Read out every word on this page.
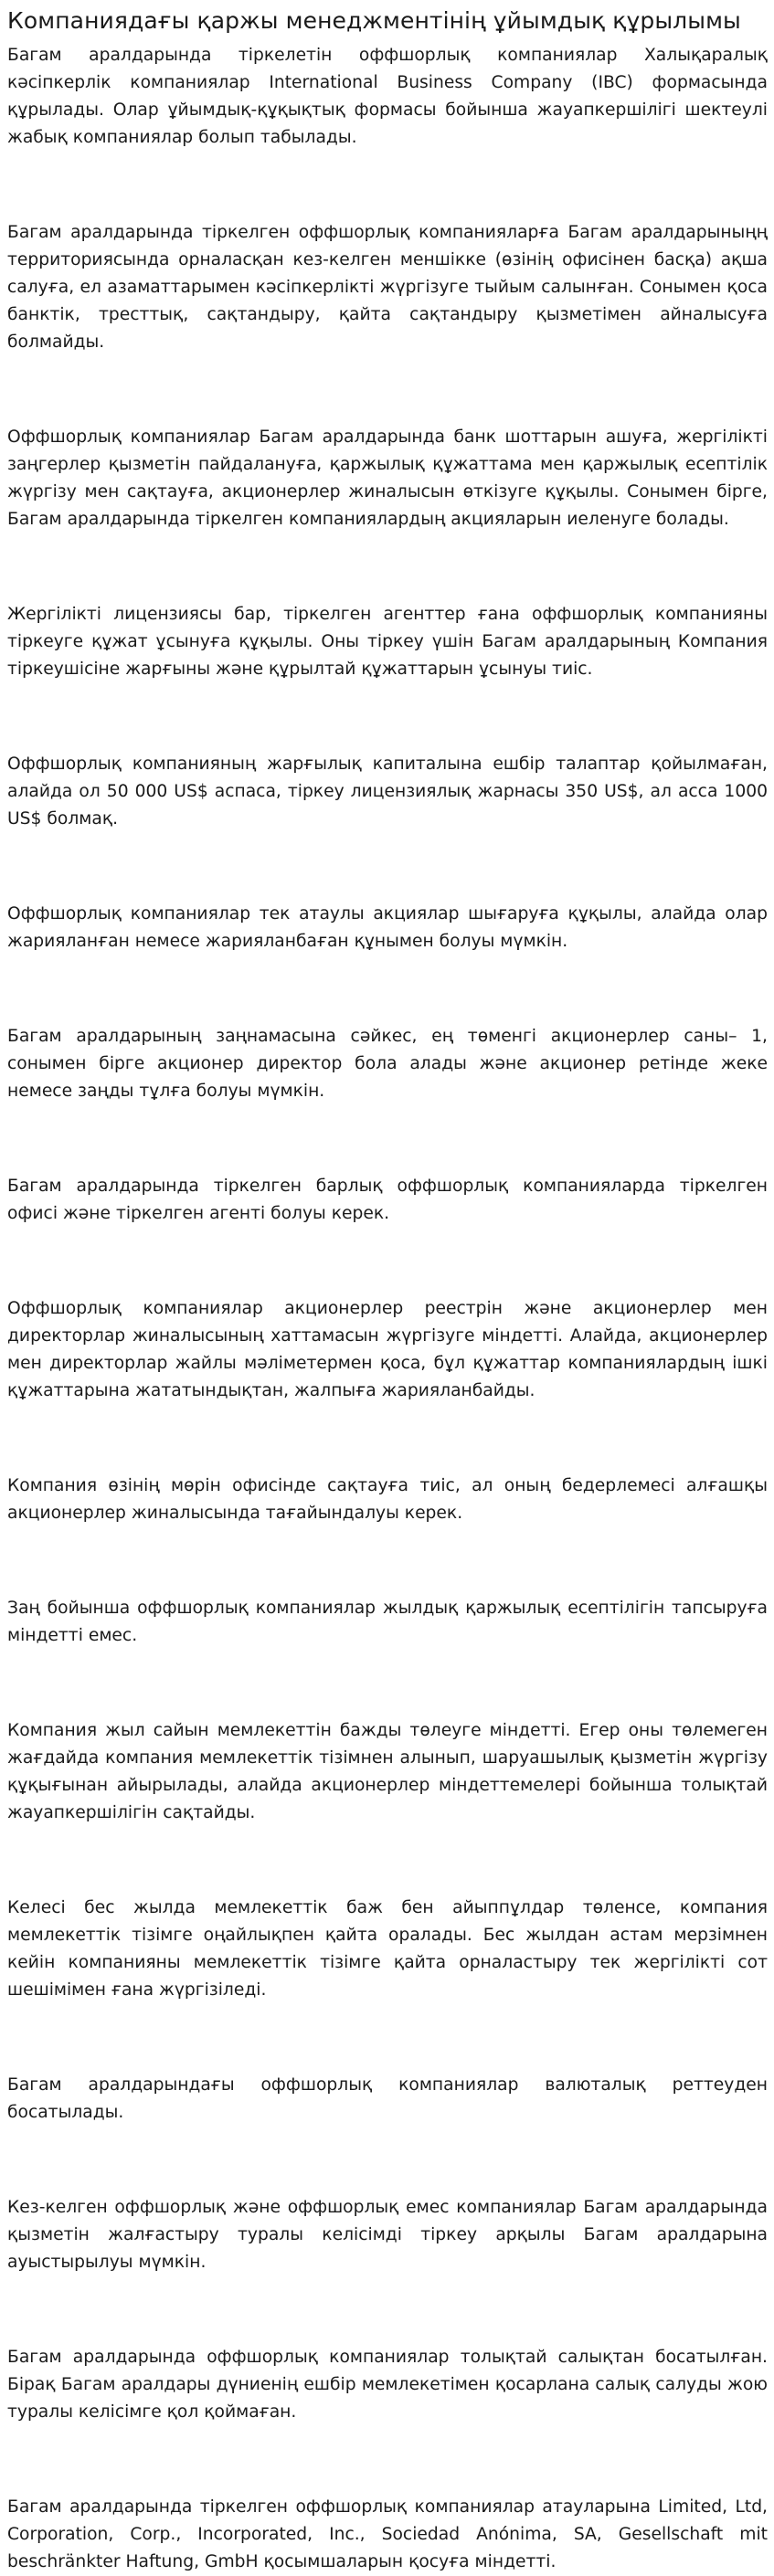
Компаниядағы қаржы менеджментінің ұйымдық құрылымы

Багам аралдарында тіркелетін оффшорлық компаниялар Халықаралық кәсіпкерлік компаниялар International Business Company (IBC) формасында құрылады. Олар ұйымдық-құқықтық формасы бойынша жауапкершілігі шектеулі жабық компаниялар болып табылады.

Багам аралдарында тіркелген оффшорлық компанияларға Багам аралдарыныңң территориясында орналасқан кез-келген меншікке (өзінің офисінен басқа) ақша салуға, ел азаматтарымен кәсіпкерлікті жүргізуге тыйым салынған. Сонымен қоса банктік, тресттық, сақтандыру, қайта сақтандыру қызметімен айналысуға болмайды.

Оффшорлық компаниялар Багам аралдарында банк шоттарын ашуға, жергілікті заңгерлер қызметін пайдалануға, қаржылық құжаттама мен қаржылық есептілік жүргізу мен сақтауға, акционерлер жиналысын өткізуге құқылы. Сонымен бірге, Багам аралдарында тіркелген компаниялардың акцияларын иеленуге болады.

Жергілікті лицензиясы бар, тіркелген агенттер ғана оффшорлық компанияны тіркеуге құжат ұсынуға құқылы. Оны тіркеу үшін Багам аралдарының Компания тіркеушісіне жарғыны және құрылтай құжаттарын ұсынуы тиіс.

Оффшорлық компанияның жарғылық капиталына ешбір талаптар қойылмаған, алайда ол 50 000 US$ аспаса, тіркеу лицензиялық жарнасы 350 US$, ал асса 1000 US$ болмақ.

Оффшорлық компаниялар тек атаулы акциялар шығаруға құқылы, алайда олар жарияланған немесе жарияланбаған құнымен болуы мүмкін.

Багам аралдарының заңнамасына сәйкес, ең төменгі акционерлер саны– 1, сонымен бірге акционер директор бола алады және акционер ретінде жеке немесе заңды тұлға болуы мүмкін.

Багам аралдарында тіркелген барлық оффшорлық компанияларда тіркелген офисі және тіркелген агенті болуы керек.

Оффшорлық компаниялар акционерлер реестрін және акционерлер мен директорлар жиналысының хаттамасын жүргізуге міндетті. Алайда, акционерлер мен директорлар жайлы мәліметермен қоса, бұл құжаттар компаниялардың ішкі құжаттарына жататындықтан, жалпыға жарияланбайды.

Компания өзінің мөрін офисінде сақтауға тиіс, ал оның бедерлемесі алғашқы акционерлер жиналысында тағайындалуы керек.

Заң бойынша оффшорлық компаниялар жылдық қаржылық есептілігін тапсыруға міндетті емес.

Компания жыл сайын мемлекеттін бажды төлеуге міндетті. Егер оны төлемеген жағдайда компания мемлекеттік тізімнен алынып, шаруашылық қызметін жүргізу құқығынан айырылады, алайда акционерлер міндеттемелері бойынша толықтай жауапкершілігін сақтайды.

Келесі бес жылда мемлекеттік баж бен айыппұлдар төленсе, компания мемлекеттік тізімге оңайлықпен қайта оралады. Бес жылдан астам мерзімнен кейін компанияны мемлекеттік тізімге қайта орналастыру тек жергілікті сот шешімімен ғана жүргізіледі.

Багам аралдарындағы оффшорлық компаниялар валюталық реттеуден босатылады.

Кез-келген оффшорлық және оффшорлық емес компаниялар Багам аралдарында қызметін жалғастыру туралы келісімді тіркеу арқылы Багам аралдарына ауыстырылуы мүмкін.

Багам аралдарында оффшорлық компаниялар толықтай салықтан босатылған. Бірақ Багам аралдары дүниенің ешбір мемлекетімен қосарлана салық салуды жою туралы келісімге қол қоймаған.

Багам аралдарында тіркелген оффшорлық компаниялар атауларына Limited, Ltd, Corporation, Corp., Incorporated, Inc., Sociedad Anónima, SA, Gesellschaft mit beschränkter Haftung, GmbH қосымшаларын қосуға міндетті.
